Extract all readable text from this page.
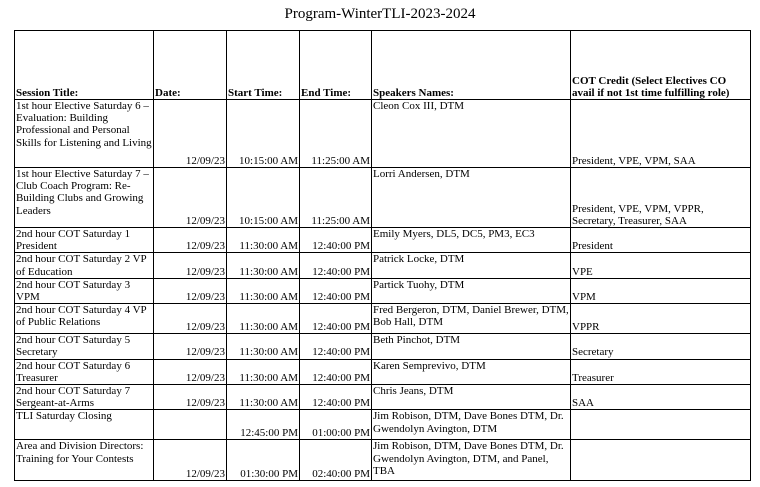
Program-WinterTLI-2023-2024
Session Title:	Date:	Start Time:	End Time:	Speakers Names:	COT Credit (Select Electives CO avail if not 1st time fulfilling role)
1st hour Elective Saturday 6 – Evaluation: Building Professional and Personal Skills for Listening and Living	12/09/23	10:15:00 AM	11:25:00 AM	Cleon Cox III, DTM	President, VPE, VPM, SAA
1st hour Elective Saturday 7 – Club Coach Program: Re-Building Clubs and Growing Leaders	12/09/23	10:15:00 AM	11:25:00 AM	Lorri Andersen, DTM	President, VPE, VPM, VPPR, Secretary, Treasurer, SAA
2nd hour COT Saturday 1 President	12/09/23	11:30:00 AM	12:40:00 PM	Emily Myers, DL5, DC5, PM3, EC3	President
2nd hour COT Saturday 2 VP of Education	12/09/23	11:30:00 AM	12:40:00 PM	Patrick Locke, DTM	VPE
2nd hour COT Saturday 3 VPM	12/09/23	11:30:00 AM	12:40:00 PM	Partick Tuohy, DTM	VPM
2nd hour COT Saturday 4 VP of Public Relations	12/09/23	11:30:00 AM	12:40:00 PM	Fred Bergeron, DTM, Daniel Brewer, DTM, Bob Hall, DTM	VPPR
2nd hour COT Saturday 5 Secretary	12/09/23	11:30:00 AM	12:40:00 PM	Beth Pinchot, DTM	Secretary
2nd hour COT Saturday 6 Treasurer	12/09/23	11:30:00 AM	12:40:00 PM	Karen Semprevivo, DTM	Treasurer
2nd hour COT Saturday 7 Sergeant-at-Arms	12/09/23	11:30:00 AM	12:40:00 PM	Chris Jeans, DTM	SAA
TLI Saturday Closing		12:45:00 PM	01:00:00 PM	Jim Robison, DTM, Dave Bones DTM, Dr. Gwendolyn Avington, DTM	
Area and Division Directors: Training for Your Contests	12/09/23	01:30:00 PM	02:40:00 PM	Jim Robison, DTM, Dave Bones DTM, Dr. Gwendolyn Avington, DTM, and Panel, TBA	
